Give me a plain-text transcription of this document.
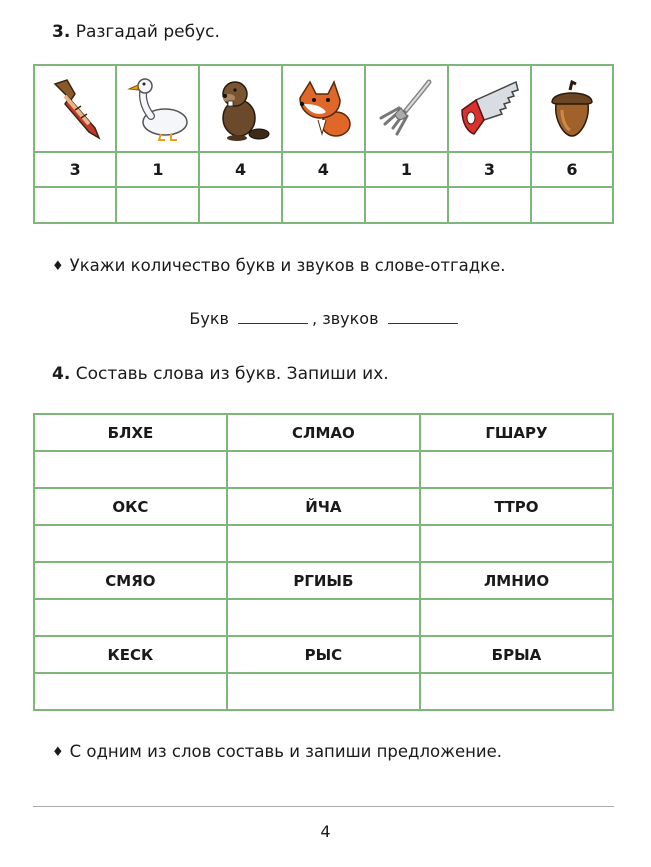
3. Разгадай ребус.

3	1	4	4	1	3	6

♦ Укажи количество букв и звуков в слове-отгадке.
Букв	, звуков
4. Составь слова из букв. Запиши их.
БЛХЕ	СЛМАО	ГШАРУ

ОКС	ЙЧА	ТТРО

СМЯО	РГИЫБ	ЛМНИО

КЕСК	РЫС	БРЫА

♦ С одним из слов составь и запиши предложение.
4
